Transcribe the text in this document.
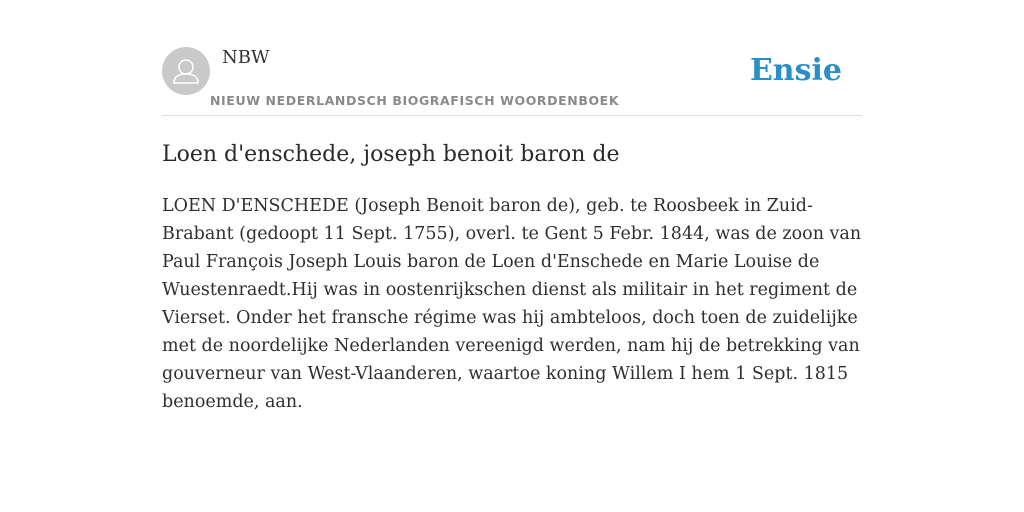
NBW
NIEUW NEDERLANDSCH BIOGRAFISCH WOORDENBOEK
Ensie
Loen d'enschede, joseph benoit baron de

LOEN D'ENSCHEDE (Joseph Benoit baron de), geb. te Roosbeek in Zuid-Brabant (gedoopt 11 Sept. 1755), overl. te Gent 5 Febr. 1844, was de zoon van Paul François Joseph Louis baron de Loen d'Enschede en Marie Louise de Wuestenraedt.Hij was in oostenrijkschen dienst als militair in het regiment de Vierset. Onder het fransche régime was hij ambteloos, doch toen de zuidelijke met de noordelijke Nederlanden vereenigd werden, nam hij de betrekking van gouverneur van West-Vlaanderen, waartoe koning Willem I hem 1 Sept. 1815 benoemde, aan.
